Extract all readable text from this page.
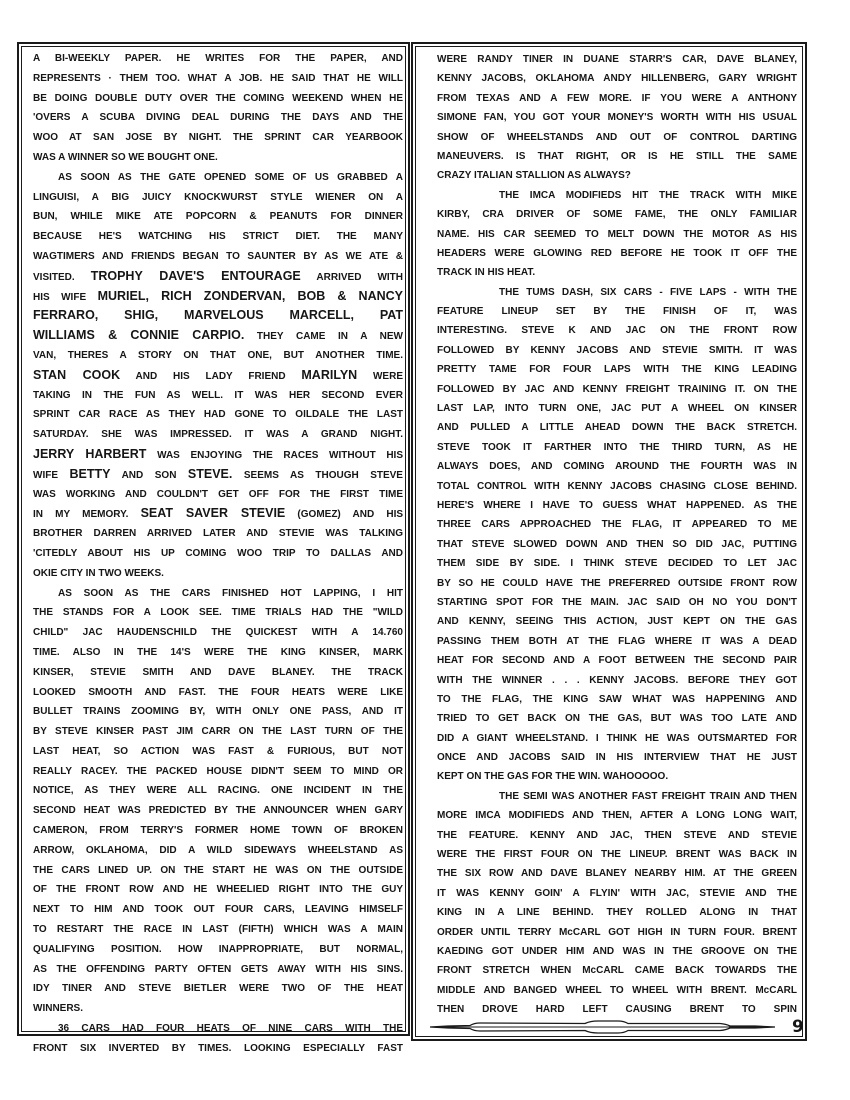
A BI-WEEKLY PAPER. HE WRITES FOR THE PAPER, AND
REPRESENTS · THEM TOO. WHAT A JOB. HE SAID THAT HE WILL
BE DOING DOUBLE DUTY OVER THE COMING WEEKEND WHEN HE
'OVERS A SCUBA DIVING DEAL DURING THE DAYS AND THE
WOO AT SAN JOSE BY NIGHT. THE SPRINT CAR YEARBOOK
WAS A WINNER SO WE BOUGHT ONE.
AS SOON AS THE GATE OPENED SOME OF US GRABBED A
LINGUISI, A BIG JUICY KNOCKWURST STYLE WIENER ON A
BUN, WHILE MIKE ATE POPCORN & PEANUTS FOR DINNER
BECAUSE HE'S WATCHING HIS STRICT DIET. THE MANY
WAGTIMERS AND FRIENDS BEGAN TO SAUNTER BY AS WE ATE &
VISITED. TROPHY DAVE'S ENTOURAGE ARRIVED WITH
HIS WIFE MURIEL, RICH ZONDERVAN, BOB & NANCY
FERRARO, SHIG, MARVELOUS MARCELL, PAT
WILLIAMS & CONNIE CARPIO. THEY CAME IN A NEW
VAN, THERES A STORY ON THAT ONE, BUT ANOTHER TIME.
STAN COOK AND HIS LADY FRIEND MARILYN WERE
TAKING IN THE FUN AS WELL. IT WAS HER SECOND EVER
SPRINT CAR RACE AS THEY HAD GONE TO OILDALE THE LAST
SATURDAY. SHE WAS IMPRESSED. IT WAS A GRAND NIGHT.
JERRY HARBERT WAS ENJOYING THE RACES WITHOUT HIS
WIFE BETTY AND SON STEVE. SEEMS AS THOUGH STEVE
WAS WORKING AND COULDN'T GET OFF FOR THE FIRST TIME
IN MY MEMORY. SEAT SAVER STEVIE (GOMEZ) AND HIS
BROTHER DARREN ARRIVED LATER AND STEVIE WAS TALKING
'CITEDLY ABOUT HIS UP COMING WOO TRIP TO DALLAS AND
OKIE CITY IN TWO WEEKS.
AS SOON AS THE CARS FINISHED HOT LAPPING, I HIT
THE STANDS FOR A LOOK SEE. TIME TRIALS HAD THE "WILD
CHILD" JAC HAUDENSCHILD THE QUICKEST WITH A 14.760
TIME. ALSO IN THE 14'S WERE THE KING KINSER, MARK
KINSER, STEVIE SMITH AND DAVE BLANEY. THE TRACK
LOOKED SMOOTH AND FAST. THE FOUR HEATS WERE LIKE
BULLET TRAINS ZOOMING BY, WITH ONLY ONE PASS, AND IT
BY STEVE KINSER PAST JIM CARR ON THE LAST TURN OF THE
LAST HEAT, SO ACTION WAS FAST & FURIOUS, BUT NOT
REALLY RACEY. THE PACKED HOUSE DIDN'T SEEM TO MIND OR
NOTICE, AS THEY WERE ALL RACING. ONE INCIDENT IN THE
SECOND HEAT WAS PREDICTED BY THE ANNOUNCER WHEN GARY
CAMERON, FROM TERRY'S FORMER HOME TOWN OF BROKEN
ARROW, OKLAHOMA, DID A WILD SIDEWAYS WHEELSTAND AS
THE CARS LINED UP. ON THE START HE WAS ON THE OUTSIDE
OF THE FRONT ROW AND HE WHEELIED RIGHT INTO THE GUY
NEXT TO HIM AND TOOK OUT FOUR CARS, LEAVING HIMSELF
TO RESTART THE RACE IN LAST (FIFTH) WHICH WAS A MAIN
QUALIFYING POSITION. HOW INAPPROPRIATE, BUT NORMAL,
AS THE OFFENDING PARTY OFTEN GETS AWAY WITH HIS SINS.
IDY TINER AND STEVE BIETLER WERE TWO OF THE HEAT
WINNERS.
36 CARS HAD FOUR HEATS OF NINE CARS WITH THE
FRONT SIX INVERTED BY TIMES. LOOKING ESPECIALLY FAST
WERE RANDY TINER IN DUANE STARR'S CAR, DAVE BLANEY,
KENNY JACOBS, OKLAHOMA ANDY HILLENBERG, GARY WRIGHT
FROM TEXAS AND A FEW MORE. IF YOU WERE A ANTHONY
SIMONE FAN, YOU GOT YOUR MONEY'S WORTH WITH HIS USUAL
SHOW OF WHEELSTANDS AND OUT OF CONTROL DARTING
MANEUVERS. IS THAT RIGHT, OR IS HE STILL THE SAME
CRAZY ITALIAN STALLION AS ALWAYS?
THE IMCA MODIFIEDS HIT THE TRACK WITH MIKE
KIRBY, CRA DRIVER OF SOME FAME, THE ONLY FAMILIAR
NAME. HIS CAR SEEMED TO MELT DOWN THE MOTOR AS HIS
HEADERS WERE GLOWING RED BEFORE HE TOOK IT OFF THE
TRACK IN HIS HEAT.
THE TUMS DASH, SIX CARS - FIVE LAPS - WITH THE
FEATURE LINEUP SET BY THE FINISH OF IT, WAS
INTERESTING. STEVE K AND JAC ON THE FRONT ROW
FOLLOWED BY KENNY JACOBS AND STEVIE SMITH. IT WAS
PRETTY TAME FOR FOUR LAPS WITH THE KING LEADING
FOLLOWED BY JAC AND KENNY FREIGHT TRAINING IT. ON THE
LAST LAP, INTO TURN ONE, JAC PUT A WHEEL ON KINSER
AND PULLED A LITTLE AHEAD DOWN THE BACK STRETCH.
STEVE TOOK IT FARTHER INTO THE THIRD TURN, AS HE
ALWAYS DOES, AND COMING AROUND THE FOURTH WAS IN
TOTAL CONTROL WITH KENNY JACOBS CHASING CLOSE BEHIND.
HERE'S WHERE I HAVE TO GUESS WHAT HAPPENED. AS THE
THREE CARS APPROACHED THE FLAG, IT APPEARED TO ME
THAT STEVE SLOWED DOWN AND THEN SO DID JAC, PUTTING
THEM SIDE BY SIDE. I THINK STEVE DECIDED TO LET JAC
BY SO HE COULD HAVE THE PREFERRED OUTSIDE FRONT ROW
STARTING SPOT FOR THE MAIN. JAC SAID OH NO YOU DON'T
AND KENNY, SEEING THIS ACTION, JUST KEPT ON THE GAS
PASSING THEM BOTH AT THE FLAG WHERE IT WAS A DEAD
HEAT FOR SECOND AND A FOOT BETWEEN THE SECOND PAIR
WITH THE WINNER . . . KENNY JACOBS. BEFORE THEY GOT
TO THE FLAG, THE KING SAW WHAT WAS HAPPENING AND
TRIED TO GET BACK ON THE GAS, BUT WAS TOO LATE AND
DID A GIANT WHEELSTAND. I THINK HE WAS OUTSMARTED FOR
ONCE AND JACOBS SAID IN HIS INTERVIEW THAT HE JUST
KEPT ON THE GAS FOR THE WIN. WAHOOOOO.
THE SEMI WAS ANOTHER FAST FREIGHT TRAIN AND THEN
MORE IMCA MODIFIEDS AND THEN, AFTER A LONG LONG WAIT,
THE FEATURE. KENNY AND JAC, THEN STEVE AND STEVIE
WERE THE FIRST FOUR ON THE LINEUP. BRENT WAS BACK IN
THE SIX ROW AND DAVE BLANEY NEARBY HIM. AT THE GREEN
IT WAS KENNY GOIN' A FLYIN' WITH JAC, STEVIE AND THE
KING IN A LINE BEHIND. THEY ROLLED ALONG IN THAT
ORDER UNTIL TERRY McCARL GOT HIGH IN TURN FOUR. BRENT
KAEDING GOT UNDER HIM AND WAS IN THE GROOVE ON THE
FRONT STRETCH WHEN McCARL CAME BACK TOWARDS THE
MIDDLE AND BANGED WHEEL TO WHEEL WITH BRENT. McCARL
THEN DROVE HARD LEFT CAUSING BRENT TO SPIN
9
